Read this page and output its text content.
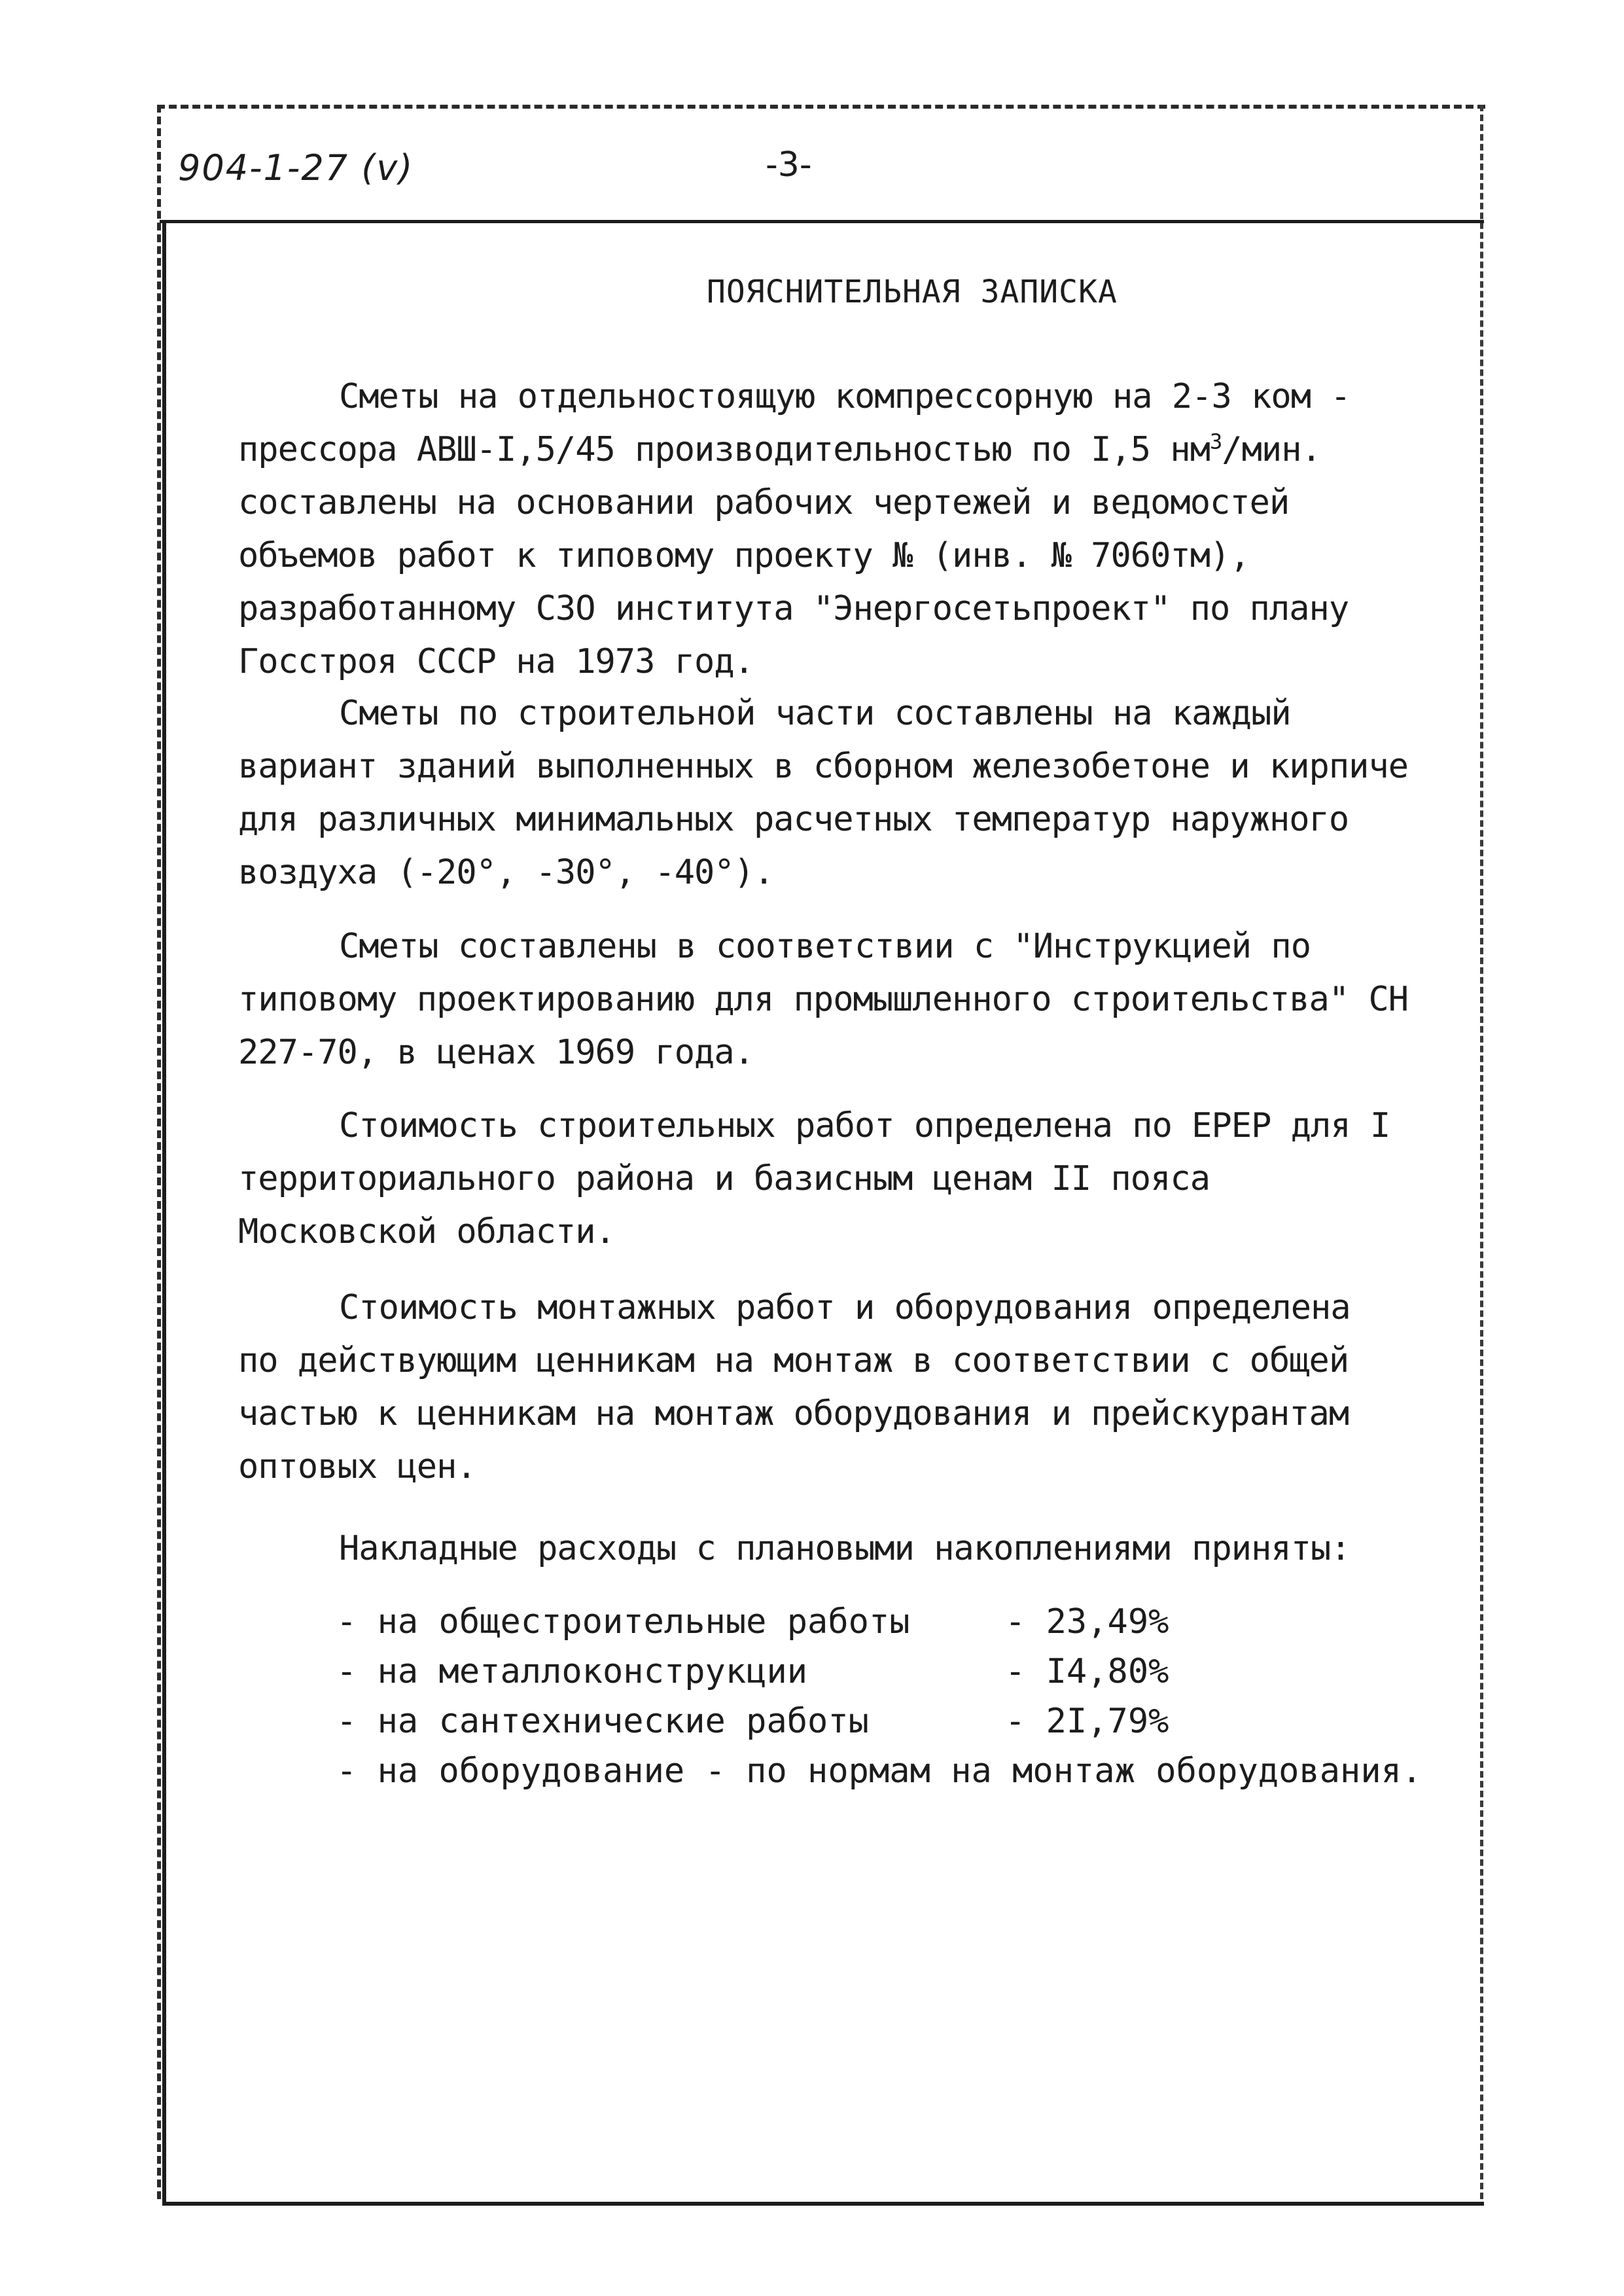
904-1-27 (v)	-3-
ПОЯСНИТЕЛЬНАЯ ЗАПИСКА
Сметы на отдельностоящую компрессорную на 2-3 ком - прессора АВШ-I,5/45 производительностью по I,5 $нм^3$/мин. составлены на основании рабочих чертежей и ведомостей объемов работ к типовому проекту № (инв. № 7060тм), разработанному СЗО института "Энергосетьпроект" по плану Госстроя СССР на 1973 год.
Сметы по строительной части составлены на каждый вариант зданий выполненных в сборном железобетоне и кирпиче для различных минимальных расчетных температур наружного воздуха (-20°, -30°, -40°).
Сметы составлены в соответствии с "Инструкцией по типовому проектированию для промышленного строительства" СН 227-70, в ценах 1969 года.
Стоимость строительных работ определена по ЕРЕР для I территориального района и базисным ценам II пояса Московской области.
Стоимость монтажных работ и оборудования определена по действующим ценникам на монтаж в соответствии с общей частью к ценникам на монтаж оборудования и прейскурантам оптовых цен.
Накладные расходы с плановыми накоплениями приняты:
- на общестроительные работы	- 23,49%
- на металлоконструкции	- I4,80%
- на сантехнические работы	- 2I,79%
- на оборудование - по нормам на монтаж оборудования.
